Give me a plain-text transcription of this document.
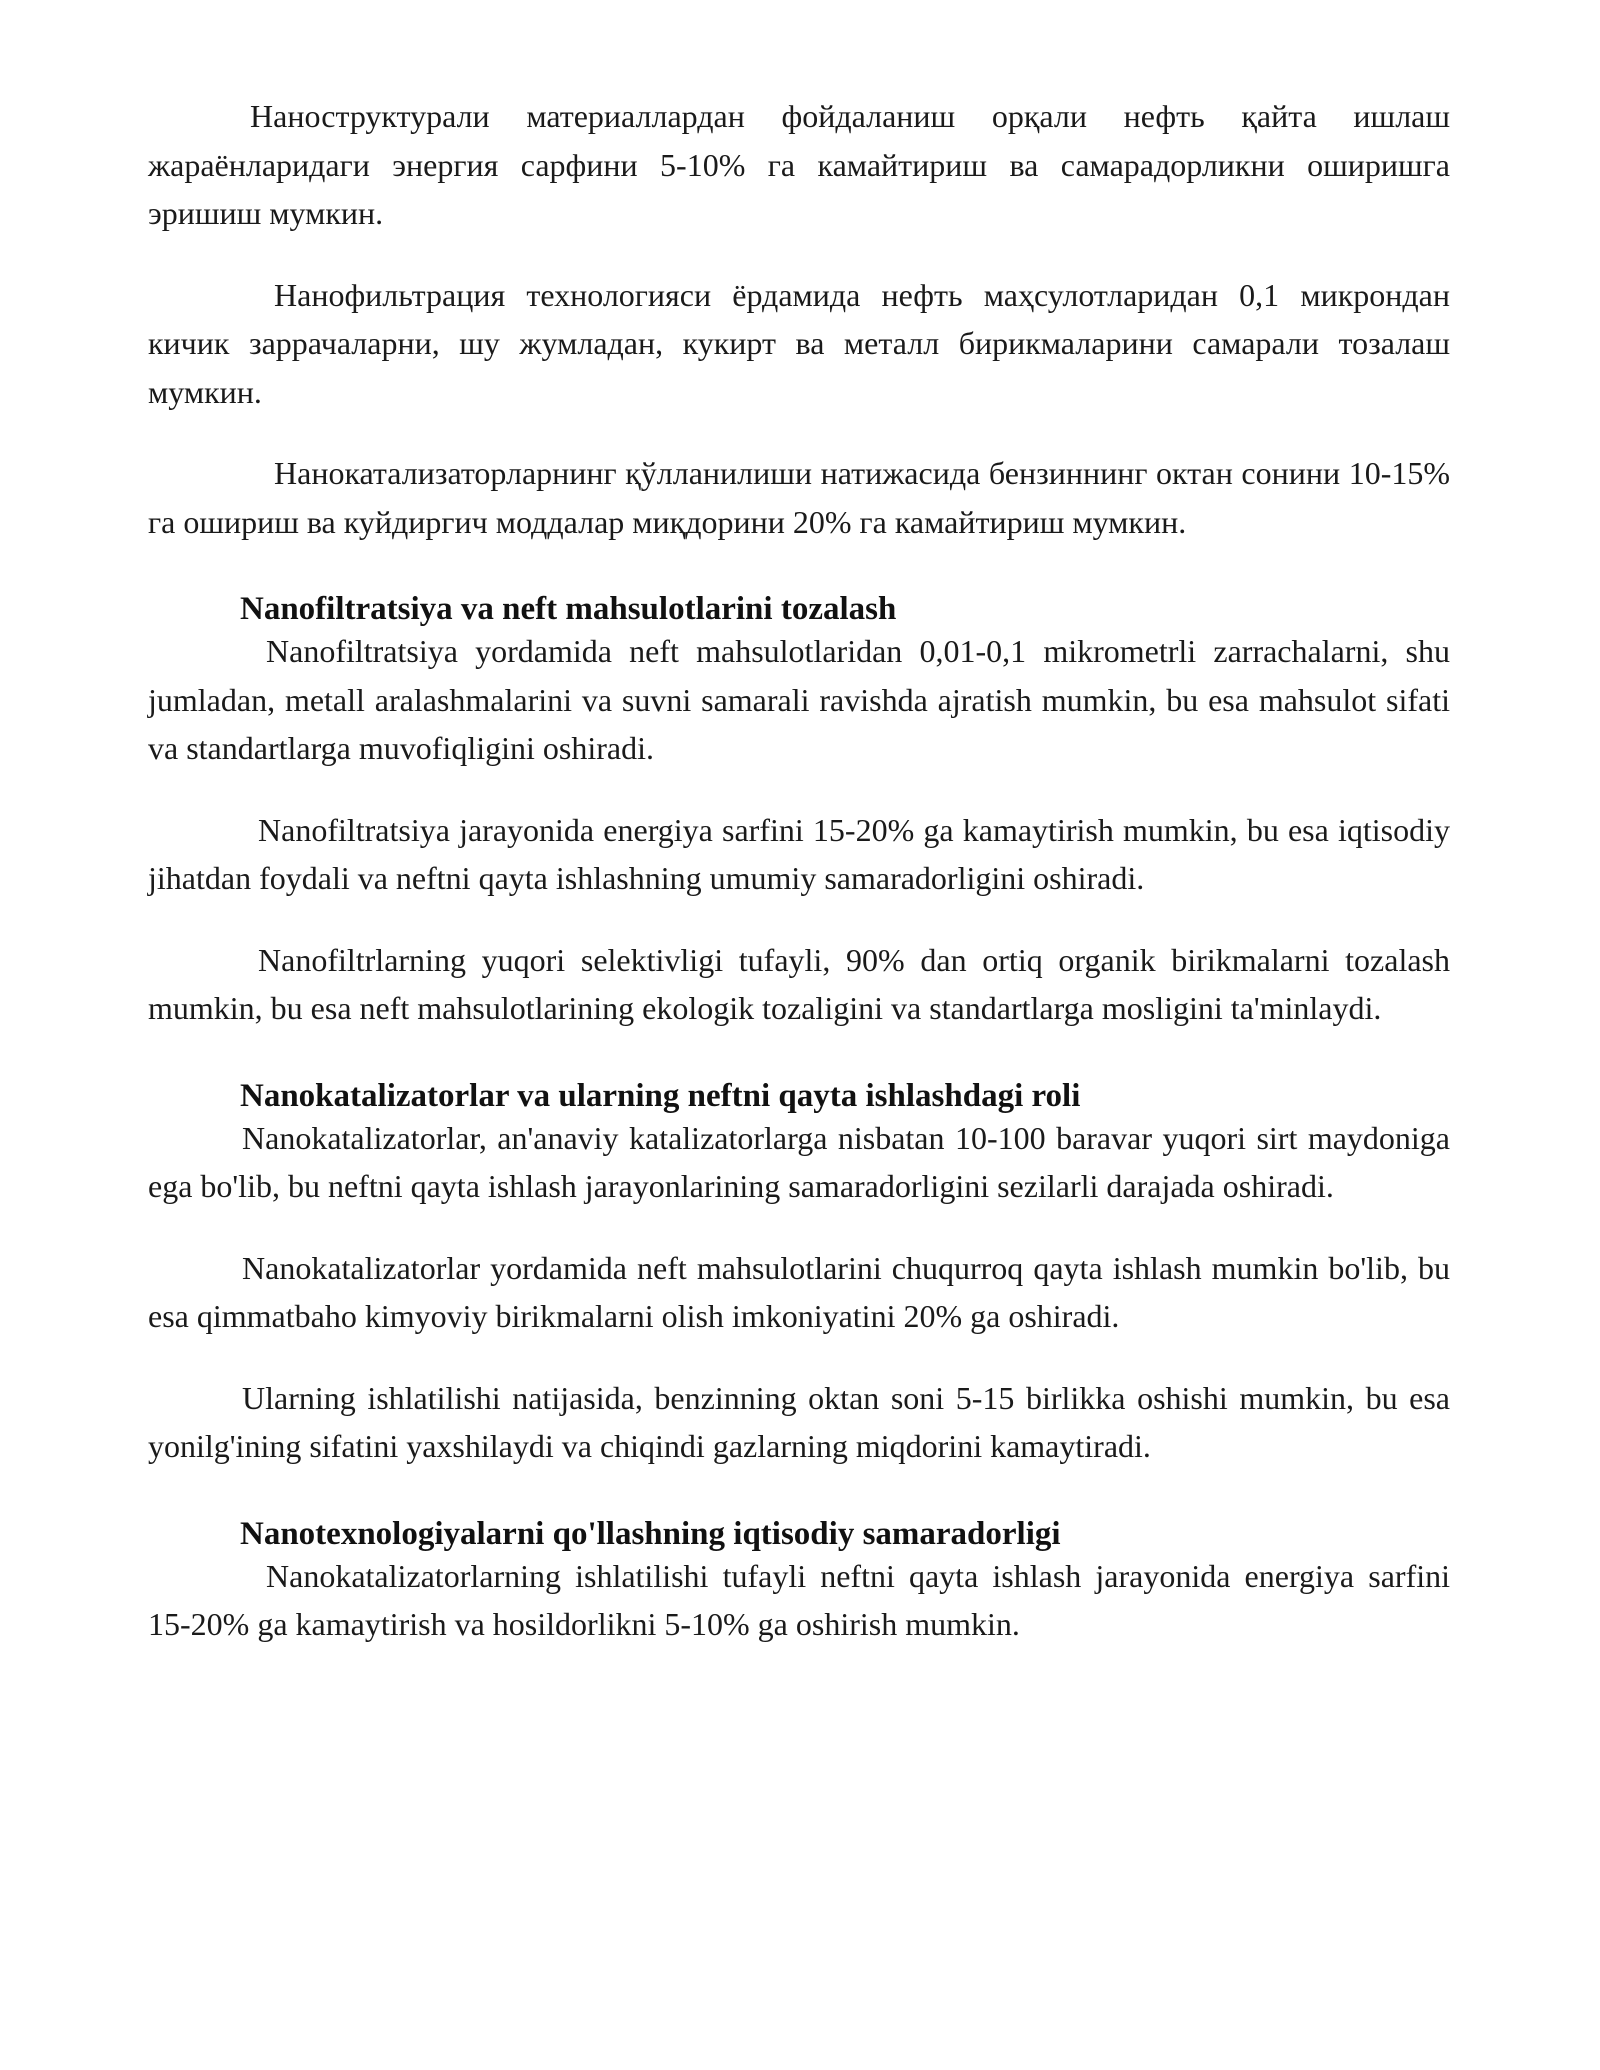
Наноструктурали материаллардан фойдаланиш орқали нефть қайта ишлаш жараёнларидаги энергия сарфини 5-10% га камайтириш ва самарадорликни оширишга эришиш мумкин.

Нанофильтрация технологияси ёрдамида нефть маҳсулотларидан 0,1 микрондан кичик заррачаларни, шу жумладан, кукирт ва металл бирикмаларини самарали тозалаш мумкин.

Нанокатализаторларнинг қўлланилиши натижасида бензиннинг октан сонини 10-15% га ошириш ва куйдиргич моддалар миқдорини 20% га камайтириш мумкин.

Nanofiltratsiya va neft mahsulotlarini tozalash

Nanofiltratsiya yordamida neft mahsulotlaridan 0,01-0,1 mikrometrli zarrachalarni, shu jumladan, metall aralashmalarini va suvni samarali ravishda ajratish mumkin, bu esa mahsulot sifati va standartlarga muvofiqligini oshiradi.

Nanofiltratsiya jarayonida energiya sarfini 15-20% ga kamaytirish mumkin, bu esa iqtisodiy jihatdan foydali va neftni qayta ishlashning umumiy samaradorligini oshiradi.

Nanofiltrlarning yuqori selektivligi tufayli, 90% dan ortiq organik birikmalarni tozalash mumkin, bu esa neft mahsulotlarining ekologik tozaligini va standartlarga mosligini ta'minlaydi.

Nanokatalizatorlar va ularning neftni qayta ishlashdagi roli

Nanokatalizatorlar, an'anaviy katalizatorlarga nisbatan 10-100 baravar yuqori sirt maydoniga ega bo'lib, bu neftni qayta ishlash jarayonlarining samaradorligini sezilarli darajada oshiradi.

Nanokatalizatorlar yordamida neft mahsulotlarini chuqurroq qayta ishlash mumkin bo'lib, bu esa qimmatbaho kimyoviy birikmalarni olish imkoniyatini 20% ga oshiradi.

Ularning ishlatilishi natijasida, benzinning oktan soni 5-15 birlikka oshishi mumkin, bu esa yonilg'ining sifatini yaxshilaydi va chiqindi gazlarning miqdorini kamaytiradi.

Nanotexnologiyalarni qo'llashning iqtisodiy samaradorligi

Nanokatalizatorlarning ishlatilishi tufayli neftni qayta ishlash jarayonida energiya sarfini 15-20% ga kamaytirish va hosildorlikni 5-10% ga oshirish mumkin.
